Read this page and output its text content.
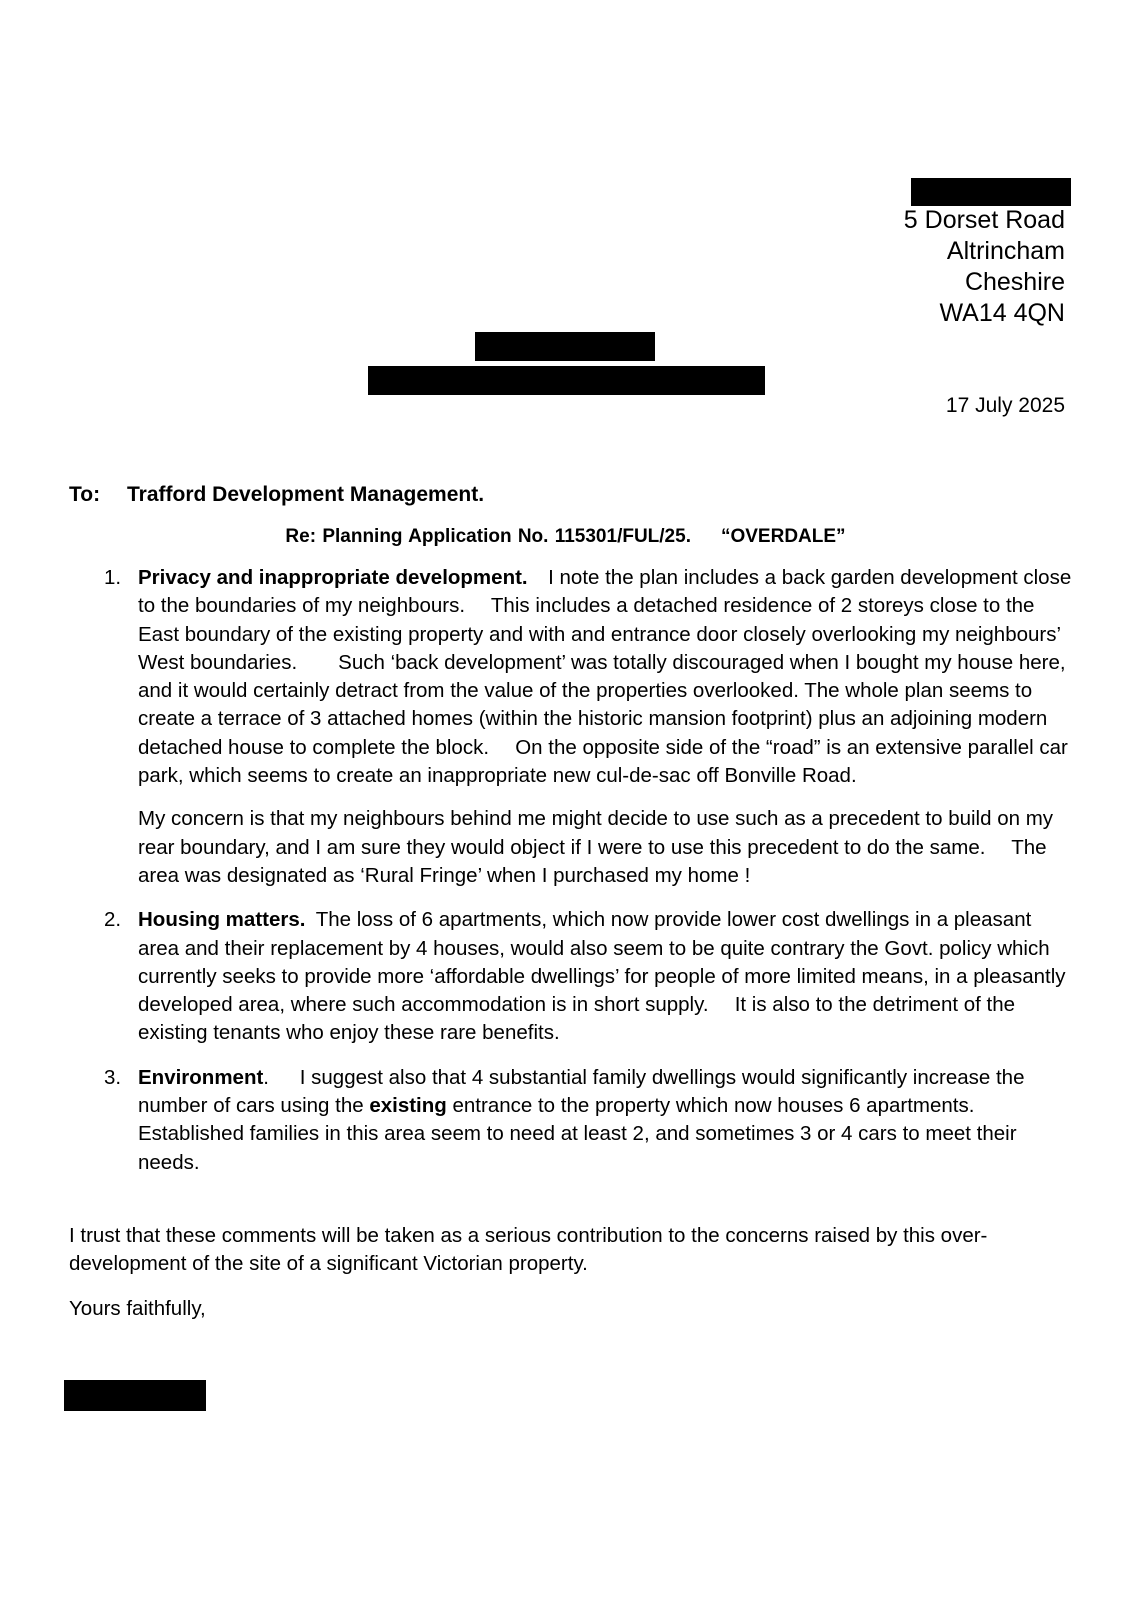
5 Dorset Road
Altrincham
Cheshire
WA14 4QN
17 July 2025
To: Trafford Development Management.
Re: Planning Application No. 115301/FUL/25. “OVERDALE”
1. Privacy and inappropriate development.  I note the plan includes a back garden development close to the boundaries of my neighbours.  This includes a detached residence of 2 storeys close to the East boundary of the existing property and with and entrance door closely overlooking my neighbours’ West boundaries.  Such ‘back development’ was totally discouraged when I bought my house here, and it would certainly detract from the value of the properties overlooked. The whole plan seems to create a terrace of 3 attached homes (within the historic mansion footprint) plus an adjoining modern detached house to complete the block.  On the opposite side of the “road” is an extensive parallel car park, which seems to create an inappropriate new cul-de-sac off Bonville Road.

My concern is that my neighbours behind me might decide to use such as a precedent to build on my rear boundary, and I am sure they would object if I were to use this precedent to do the same.  The area was designated as ‘Rural Fringe’ when I purchased my home !

2. Housing matters.  The loss of 6 apartments, which now provide lower cost dwellings in a pleasant area and their replacement by 4 houses, would also seem to be quite contrary the Govt. policy which currently seeks to provide more ‘affordable dwellings’ for people of more limited means, in a pleasantly developed area, where such accommodation is in short supply.  It is also to the detriment of the existing tenants who enjoy these rare benefits.

3. Environment.   I suggest also that 4 substantial family dwellings would significantly increase the number of cars using the existing entrance to the property which now houses 6 apartments.  Established families in this area seem to need at least 2, and sometimes 3 or 4 cars to meet their needs.

I trust that these comments will be taken as a serious contribution to the concerns raised by this over-development of the site of a significant Victorian property.
Yours faithfully,
